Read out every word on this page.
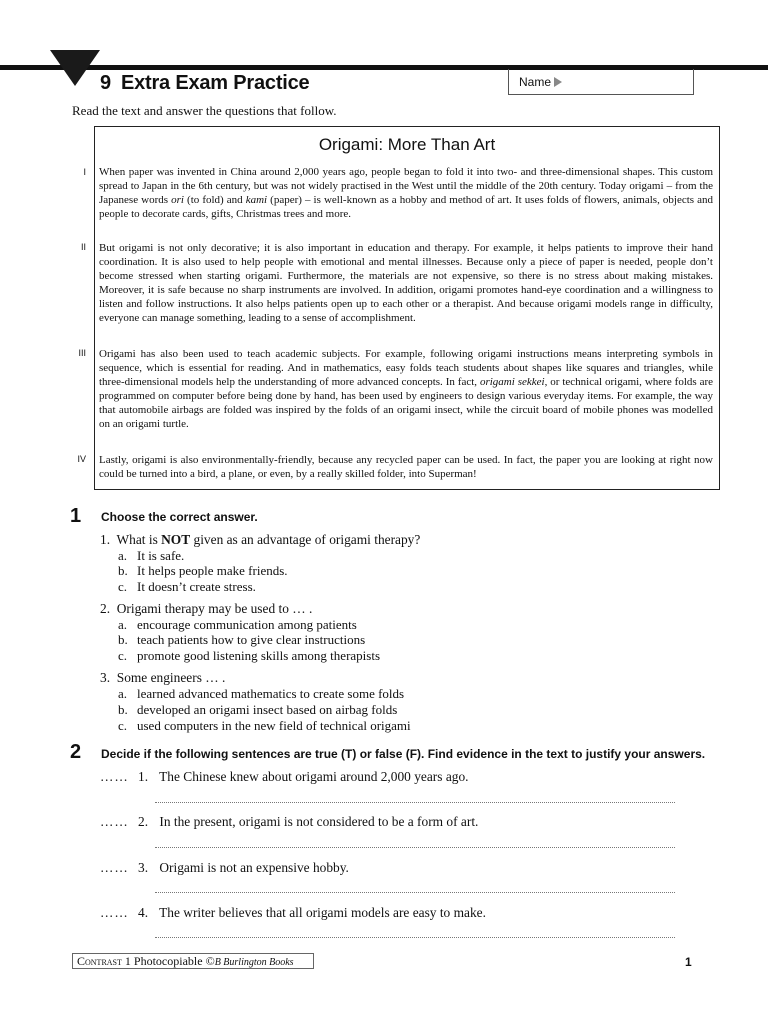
9 Extra Exam Practice	Name
Read the text and answer the questions that follow.
I
II
III
IV
Origami: More Than Art

When paper was invented in China around 2,000 years ago, people began to fold it into two- and three-dimensional shapes. This custom spread to Japan in the 6th century, but was not widely practised in the West until the middle of the 20th century. Today origami – from the Japanese words ori (to fold) and kami (paper) – is well-known as a hobby and method of art. It uses folds of flowers, animals, objects and people to decorate cards, gifts, Christmas trees and more.

But origami is not only decorative; it is also important in education and therapy. For example, it helps patients to improve their hand coordination. It is also used to help people with emotional and mental illnesses. Because only a piece of paper is needed, people don’t become stressed when starting origami. Furthermore, the materials are not expensive, so there is no stress about making mistakes. Moreover, it is safe because no sharp instruments are involved. In addition, origami promotes hand-eye coordination and a willingness to listen and follow instructions. It also helps patients open up to each other or a therapist. And because origami models range in difficulty, everyone can manage something, leading to a sense of accomplishment.

Origami has also been used to teach academic subjects. For example, following origami instructions means interpreting symbols in sequence, which is essential for reading. And in mathematics, easy folds teach students about shapes like squares and triangles, while three-dimensional models help the understanding of more advanced concepts. In fact, origami sekkei, or technical origami, where folds are programmed on computer before being done by hand, has been used by engineers to design various everyday items. For example, the way that automobile airbags are folded was inspired by the folds of an origami insect, while the circuit board of mobile phones was modelled on an origami turtle.

Lastly, origami is also environmentally-friendly, because any recycled paper can be used. In fact, the paper you are looking at right now could be turned into a bird, a plane, or even, by a really skilled folder, into Superman!

1 Choose the correct answer.
1. What is NOT given as an advantage of origami therapy?
a. It is safe.
b. It helps people make friends.
c. It doesn’t create stress.
2. Origami therapy may be used to … .
a. encourage communication among patients
b. teach patients how to give clear instructions
c. promote good listening skills among therapists
3. Some engineers … .
a. learned advanced mathematics to create some folds
b. developed an origami insect based on airbag folds
c. used computers in the new field of technical origami
2 Decide if the following sentences are true (T) or false (F). Find evidence in the text to justify your answers.
…… 1. The Chinese knew about origami around 2,000 years ago.
…… 2. In the present, origami is not considered to be a form of art.
…… 3. Origami is not an expensive hobby.
…… 4. The writer believes that all origami models are easy to make.
Contrast 1 Photocopiable ©B Burlington Books	1
